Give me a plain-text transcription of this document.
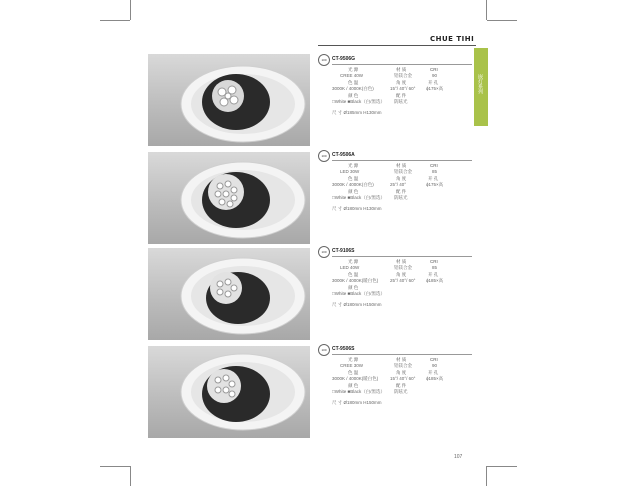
CHUE TIHI
嵌灯系列
100	CT-9506G
光 源	材 质	CRI
CREE 40W	铝镁合金	90
色 温	角 度	开 孔
3000K / 4000K(白色)	15°/ 40°/ 60° ϕ175×高
颜 色	配 件
□White ■Black（白/黑选） 防眩光
尺 寸 Ø185mm H130mm
100	CT-9506A
光 源	材 质	CRI
LED 30W	铝镁合金	85
色 温	角 度	开 孔
3000K / 4000K(白色)	25°/ 40°	ϕ175×高
颜 色	配 件
□White ■Black（白/黑选） 防眩光
尺 寸 Ø180mm H130mm
100	CT-9106S
光 源	材 质	CRI
LED 40W	铝镁合金	85
色 温	角 度	开 孔
3000K / 4000K(暖白色)	25°/ 40°/ 60° ϕ185×高
颜 色
□White ■Black（白/黑选）
尺 寸 Ø180mm H150mm
100	CT-9506S
光 源	材 质	CRI
CREE 30W	铝镁合金	90
色 温	角 度	开 孔
3000K / 4000K(暖白色)	15°/ 40°/ 60° ϕ185×高
颜 色	配 件
□White ■Black（白/黑选） 防眩光
尺 寸 Ø180mm H150mm
107
